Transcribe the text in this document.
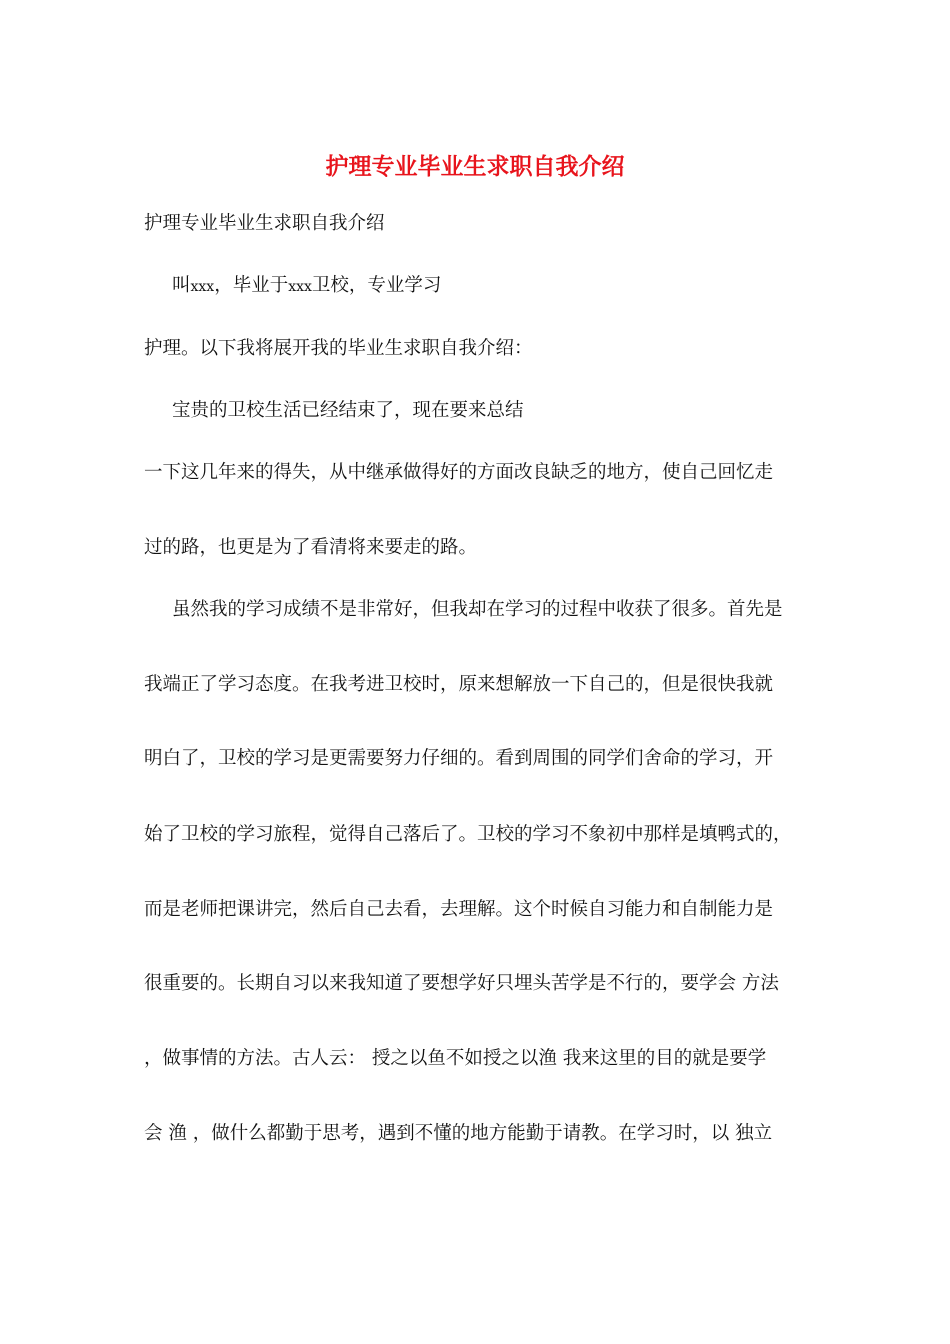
护理专业毕业生求职自我介绍
护理专业毕业生求职自我介绍
叫xxx，毕业于xxx卫校，专业学习
护理。以下我将展开我的毕业生求职自我介绍：
宝贵的卫校生活已经结束了，现在要来总结
一下这几年来的得失，从中继承做得好的方面改良缺乏的地方，使自己回忆走
过的路，也更是为了看清将来要走的路。
虽然我的学习成绩不是非常好，但我却在学习的过程中收获了很多。首先是
我端正了学习态度。在我考进卫校时，原来想解放一下自己的，但是很快我就
明白了，卫校的学习是更需要努力仔细的。看到周围的同学们舍命的学习，开
始了卫校的学习旅程，觉得自己落后了。卫校的学习不象初中那样是填鸭式的，
而是老师把课讲完，然后自己去看，去理解。这个时候自习能力和自制能力是
很重要的。长期自习以来我知道了要想学好只埋头苦学是不行的，要学会 方法
，做事情的方法。古人云： 授之以鱼不如授之以渔 我来这里的目的就是要学
会 渔 ，做什么都勤于思考，遇到不懂的地方能勤于请教。在学习时，以 独立
